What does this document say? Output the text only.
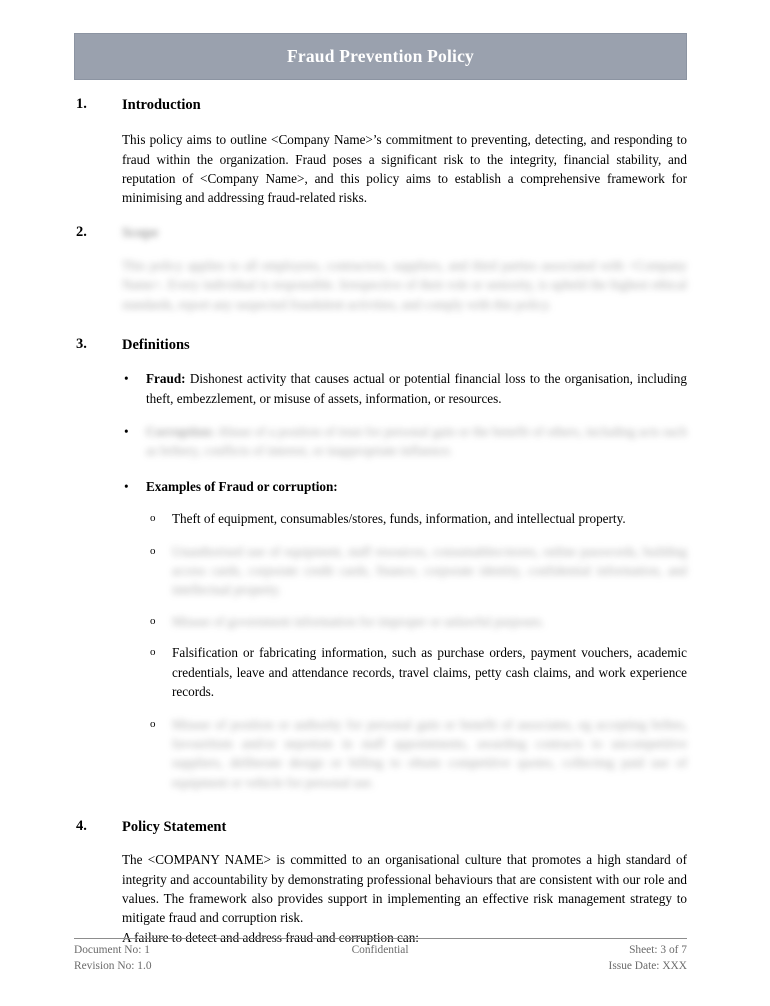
Fraud Prevention Policy
1. Introduction
This policy aims to outline <Company Name>’s commitment to preventing, detecting, and responding to fraud within the organization. Fraud poses a significant risk to the integrity, financial stability, and reputation of <Company Name>, and this policy aims to establish a comprehensive framework for minimising and addressing fraud-related risks.
2. Scope
This policy applies to all employees, contractors, suppliers, and third parties associated with <Company Name>. Every individual is responsible. Irrespective of their role or seniority, is upheld the highest ethical standards, report any suspected fraudulent activities, and comply with this policy.
3. Definitions
• Fraud: Dishonest activity that causes actual or potential financial loss to the organisation, including theft, embezzlement, or misuse of assets, information, or resources.
• Corruption: Abuse of a position of trust for personal gain or the benefit of others, including acts such as bribery, conflicts of interest, or inappropriate influence.
• Examples of Fraud or corruption:
o Theft of equipment, consumables/stores, funds, information, and intellectual property.
o Unauthorised use of equipment, staff resources, consumables/stores, online passwords, building access cards, corporate credit cards, finance, corporate identity, confidential information, and intellectual property.
o Misuse of government information for improper or unlawful purposes.
o Falsification or fabricating information, such as purchase orders, payment vouchers, academic credentials, leave and attendance records, travel claims, petty cash claims, and work experience records.
o Misuse of position or authority for personal gain or benefit of associates, eg accepting bribes, favouritism and/or nepotism in staff appointments, awarding contracts to uncompetitive suppliers, deliberate design or billing to obtain competitive quotes, collecting paid use of equipment or vehicle for personal use.
4. Policy Statement
The <COMPANY NAME> is committed to an organisational culture that promotes a high standard of integrity and accountability by demonstrating professional behaviours that are consistent with our role and values. The framework also provides support in implementing an effective risk management strategy to mitigate fraud and corruption risk.
A failure to detect and address fraud and corruption can:
Document No: 1
Revision No: 1.0
Confidential	Sheet: 3 of 7
Issue Date: XXX
